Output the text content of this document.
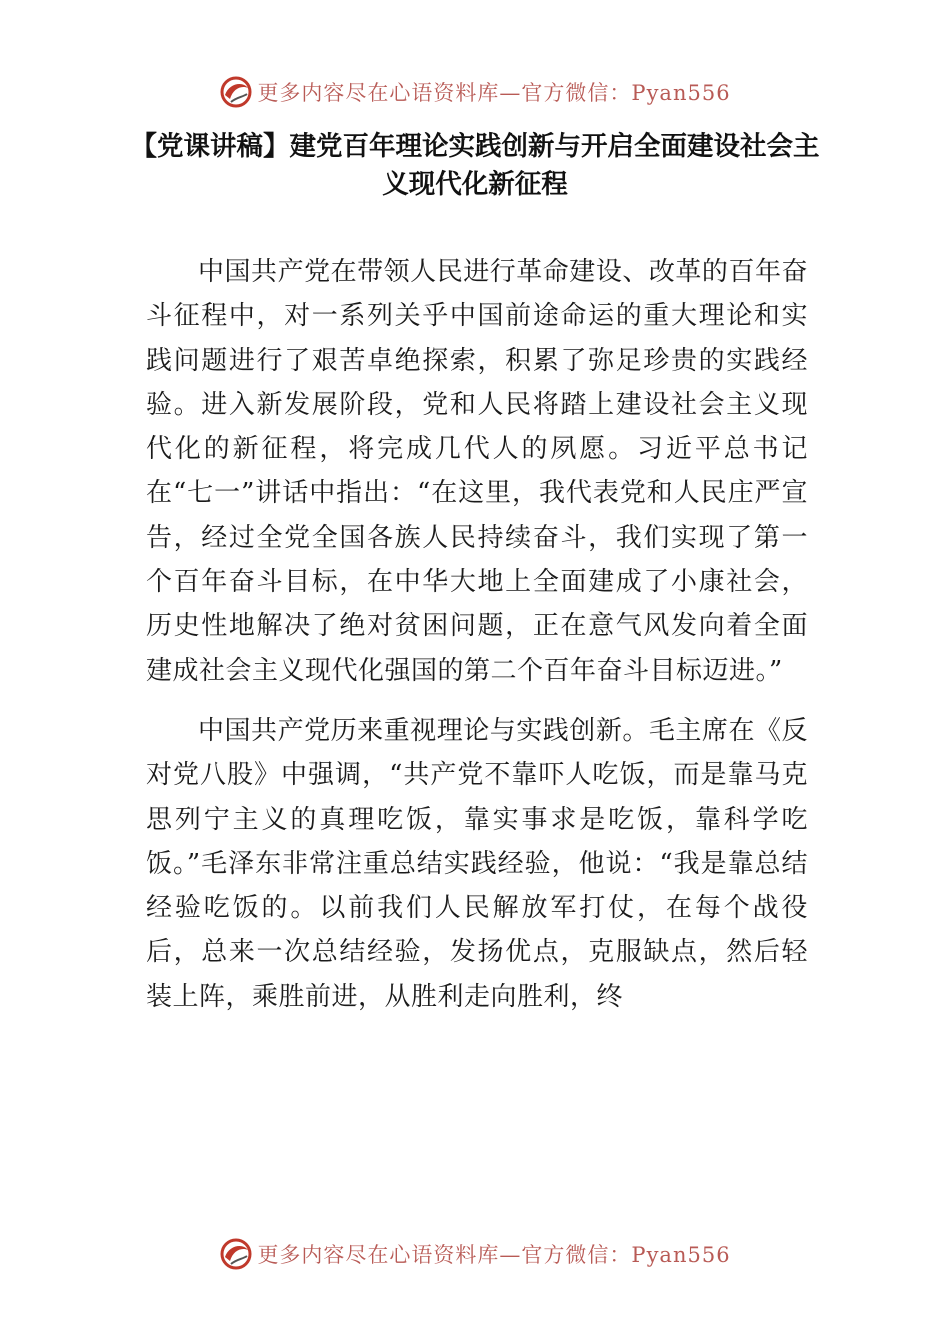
更多内容尽在心语资料库—官方微信：Pyan556
【党课讲稿】建党百年理论实践创新与开启全面建设社会主义现代化新征程

中国共产党在带领人民进行革命建设、改革的百年奋斗征程中，对一系列关乎中国前途命运的重大理论和实践问题进行了艰苦卓绝探索，积累了弥足珍贵的实践经验。进入新发展阶段，党和人民将踏上建设社会主义现代化的新征程，将完成几代人的夙愿。习近平总书记在“七一”讲话中指出：“在这里，我代表党和人民庄严宣告，经过全党全国各族人民持续奋斗，我们实现了第一个百年奋斗目标，在中华大地上全面建成了小康社会，历史性地解决了绝对贫困问题，正在意气风发向着全面建成社会主义现代化强国的第二个百年奋斗目标迈进。”

中国共产党历来重视理论与实践创新。毛主席在《反对党八股》中强调，“共产党不靠吓人吃饭，而是靠马克思列宁主义的真理吃饭，靠实事求是吃饭，靠科学吃饭。”毛泽东非常注重总结实践经验，他说：“我是靠总结经验吃饭的。以前我们人民解放军打仗，在每个战役后，总来一次总结经验，发扬优点，克服缺点，然后轻装上阵，乘胜前进，从胜利走向胜利，终

更多内容尽在心语资料库—官方微信：Pyan556
